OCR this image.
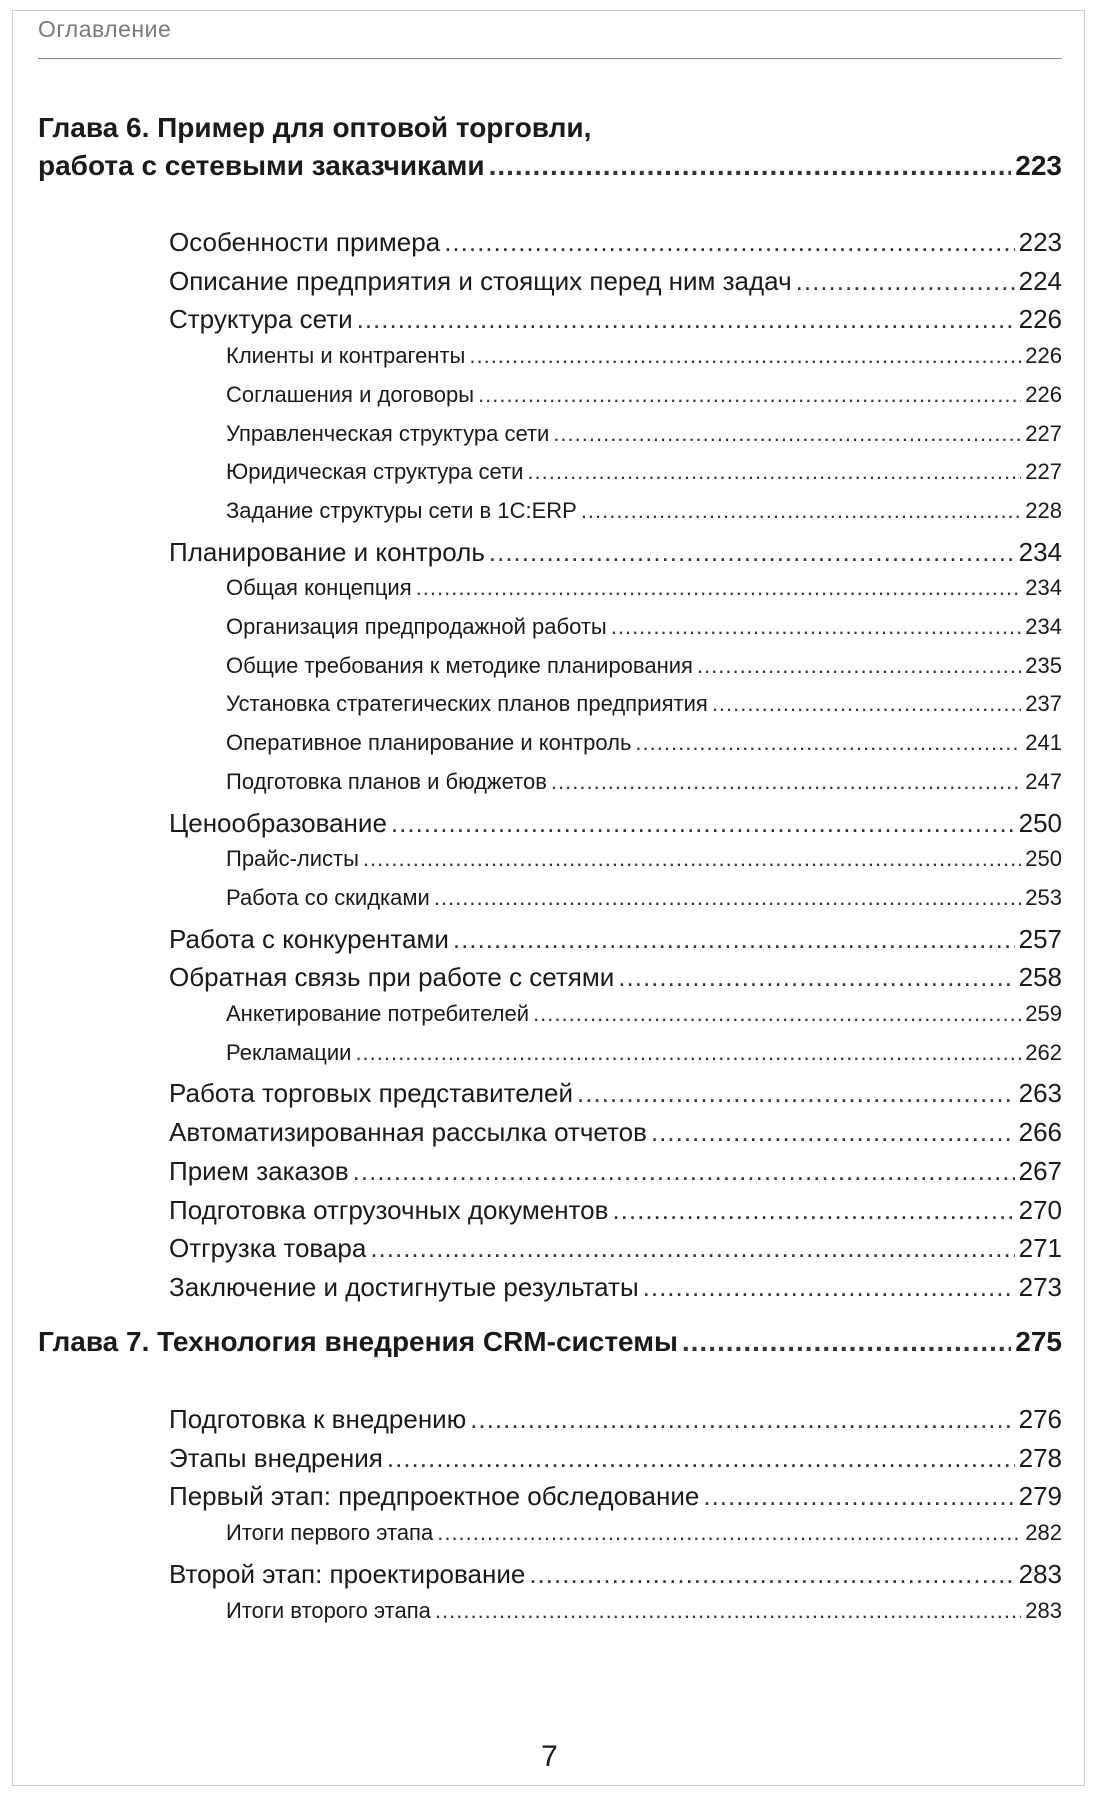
Оглавление
Глава 6. Пример для оптовой торговли,
работа с сетевыми заказчиками .....	223
Особенности примера .....	223
Описание предприятия и стоящих перед ним задач .....	224
Структура сети .....	226
Клиенты и контрагенты .....	226
Соглашения и договоры .....	226
Управленческая структура сети .....	227
Юридическая структура сети .....	227
Задание структуры сети в 1С:ERP .....	228
Планирование и контроль .....	234
Общая концепция .....	234
Организация предпродажной работы .....	234
Общие требования к методике планирования .....	235
Установка стратегических планов предприятия .....	237
Оперативное планирование и контроль .....	241
Подготовка планов и бюджетов .....	247
Ценообразование .....	250
Прайс-листы .....	250
Работа со скидками .....	253
Работа с конкурентами .....	257
Обратная связь при работе с сетями .....	258
Анкетирование потребителей .....	259
Рекламации .....	262
Работа торговых представителей .....	263
Автоматизированная рассылка отчетов .....	266
Прием заказов .....	267
Подготовка отгрузочных документов .....	270
Отгрузка товара .....	271
Заключение и достигнутые результаты .....	273
Глава 7. Технология внедрения CRM-системы .....	275
Подготовка к внедрению .....	276
Этапы внедрения .....	278
Первый этап: предпроектное обследование .....	279
Итоги первого этапа .....	282
Второй этап: проектирование .....	283
Итоги второго этапа .....	283
7
